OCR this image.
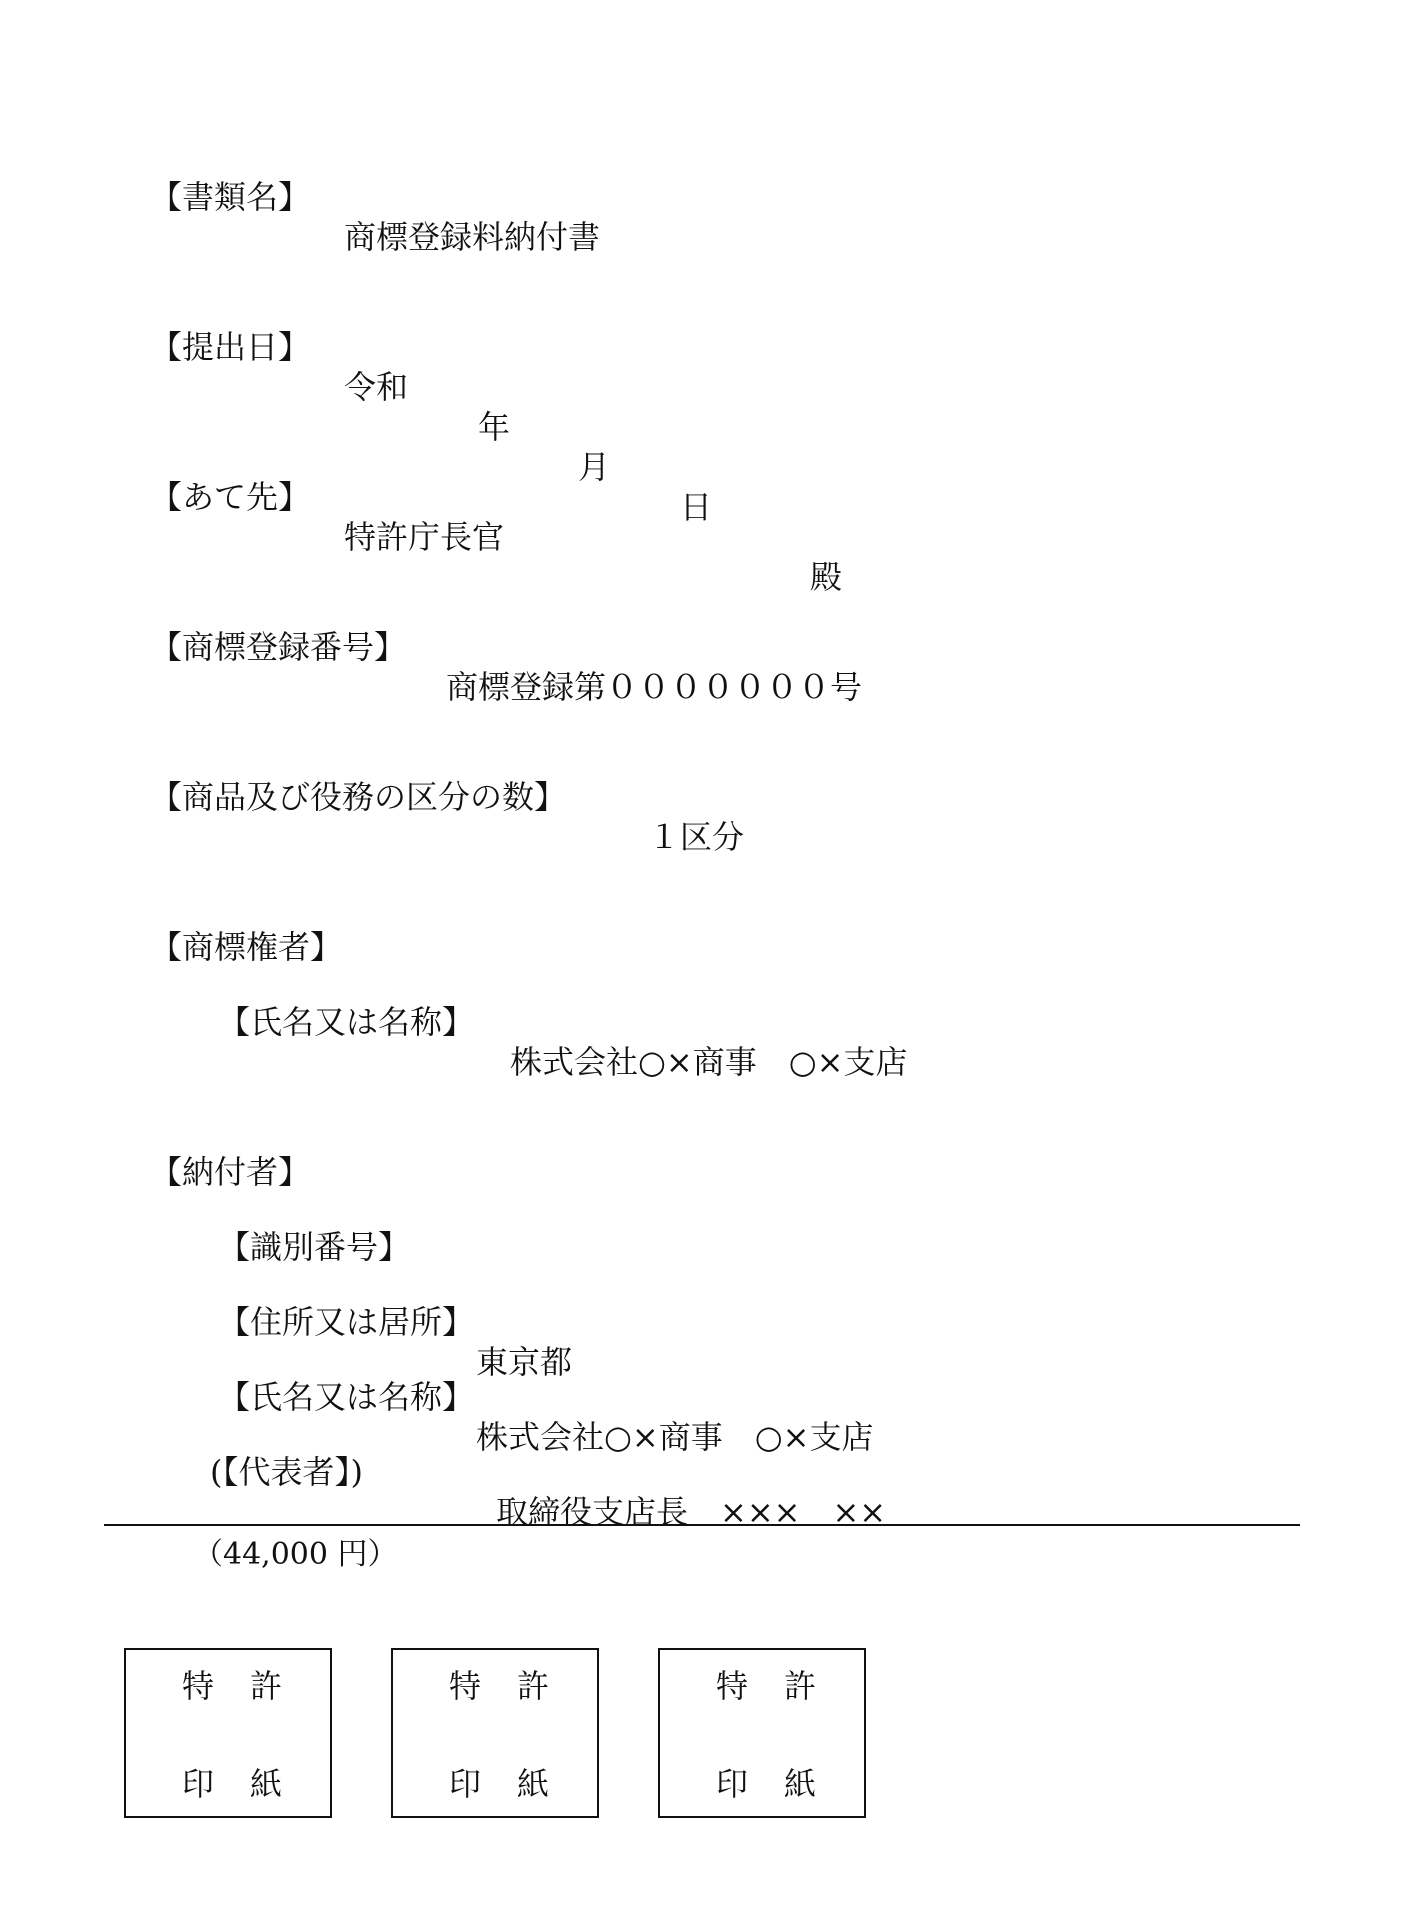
【書類名】

商標登録料納付書

【提出日】

令和

年

月

日

【あて先】

特許庁長官

殿

【商標登録番号】

商標登録第０００００００号

【商品及び役務の区分の数】

１区分

【商標権者】

【氏名又は名称】

株式会社○×商事　○×支店

【納付者】

【識別番号】

【住所又は居所】

東京都

【氏名又は名称】

株式会社○×商事　○×支店

(【代表者】)

取締役支店長　×××　××

（44,000 円）
特 許
印 紙
特 許
印 紙
特 許
印 紙
